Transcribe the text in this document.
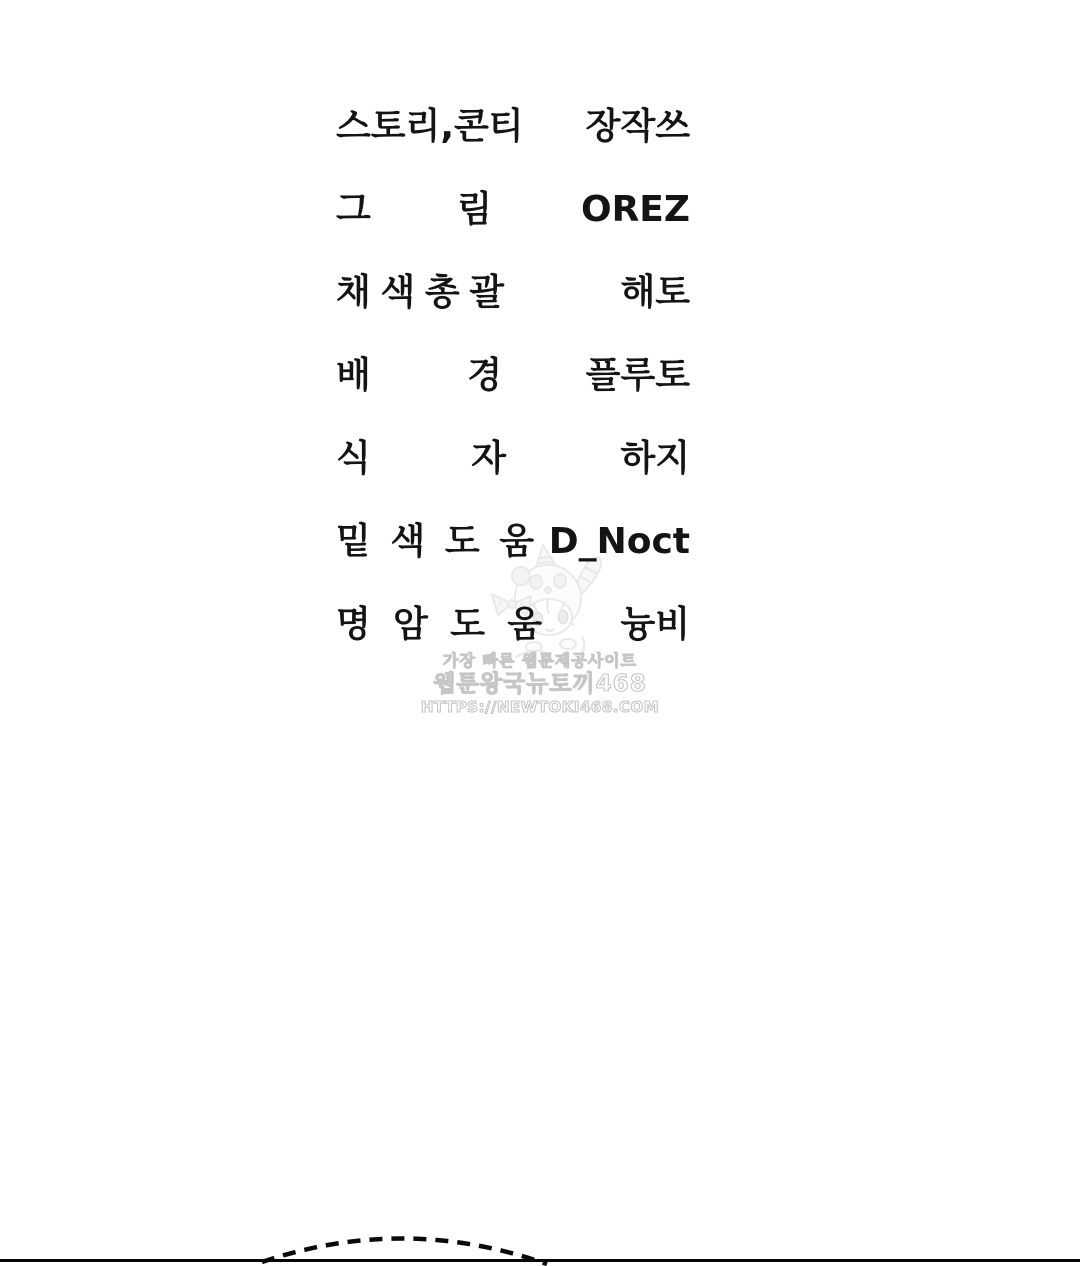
스토리, 콘티 장작쓰
그 림 OREZ
채 색 총 괄	해토
배	경 플루토
식	자	하지
밑 색 도 움 D_Noct
명 암 도 움 늉비
가장 빠른 웹툰제공사이트
웹툰왕국뉴토끼468
HTTPS://NEWTOKI468.COM
